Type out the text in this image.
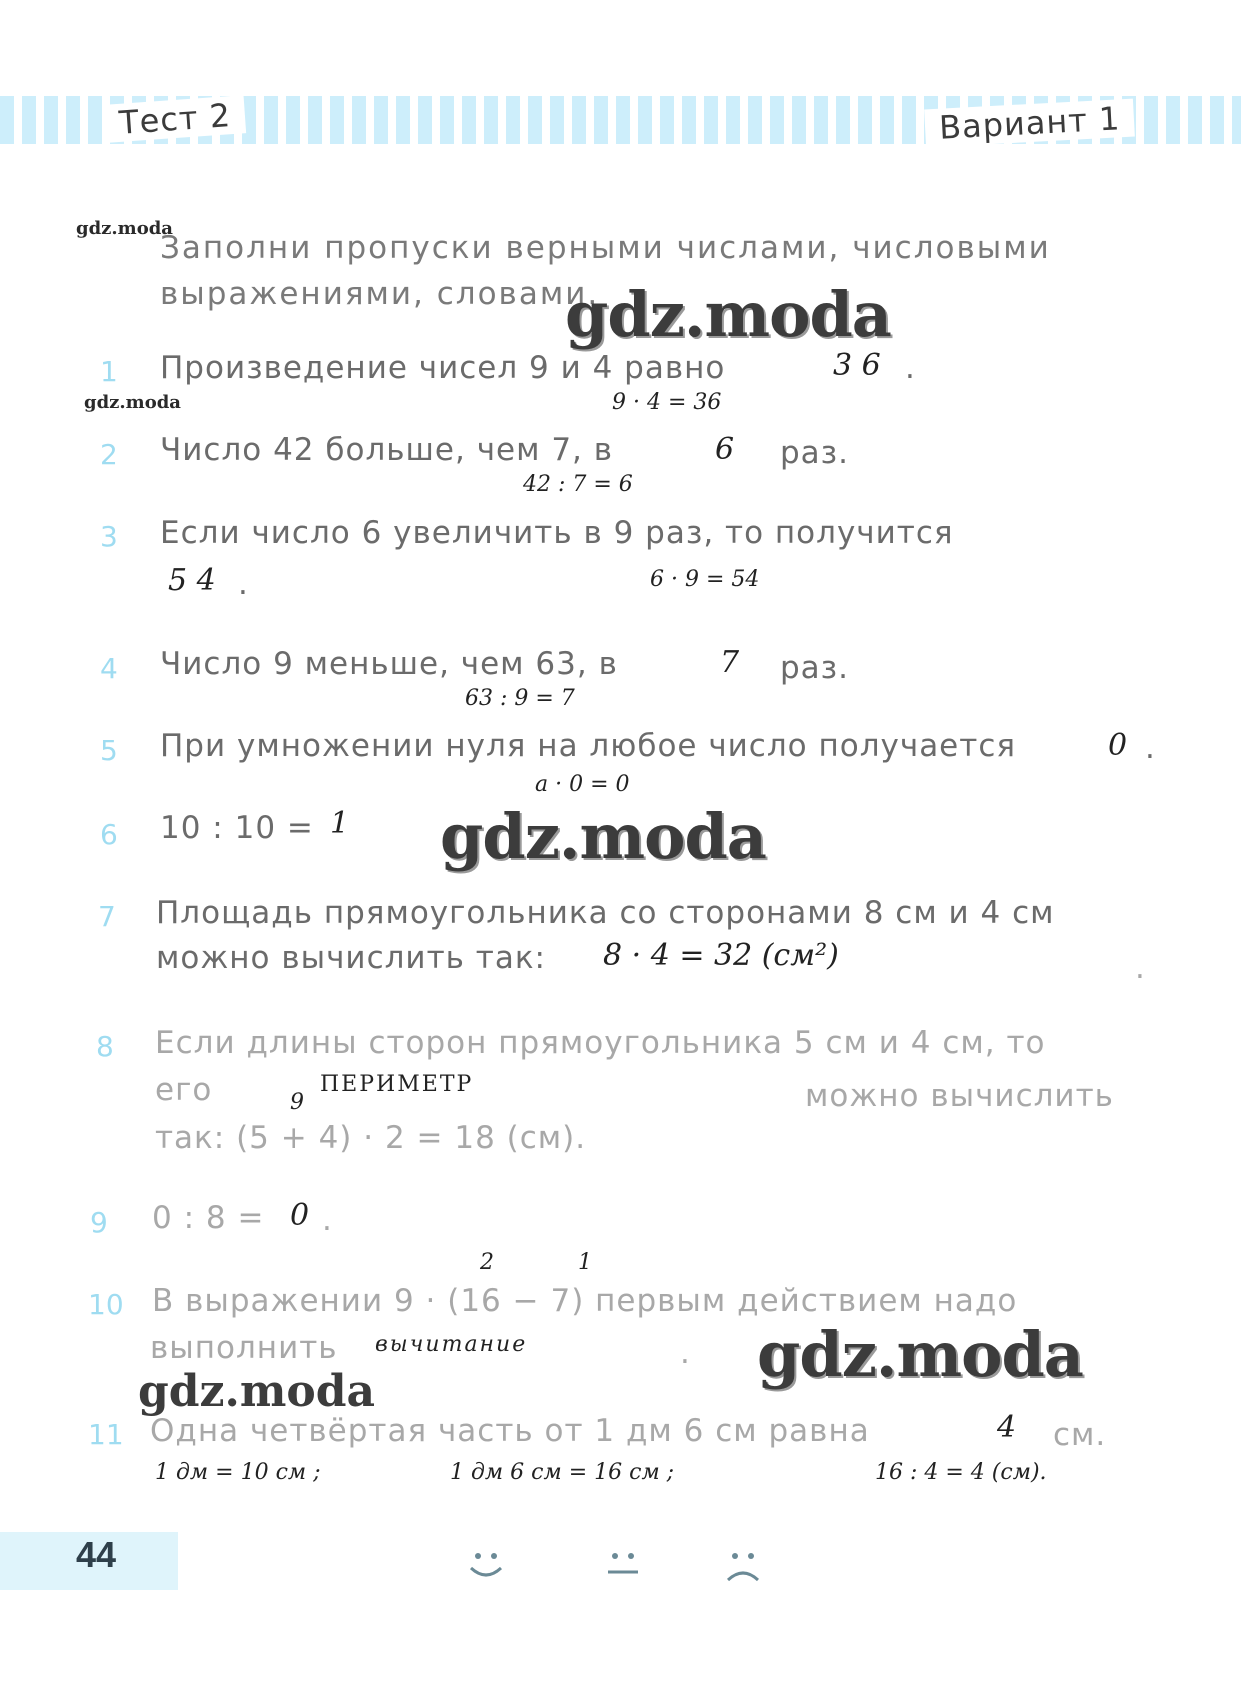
Тест 2	Вариант 1
gdz.moda
gdz.moda
Заполни пропуски верными числами, числовыми выражениями, словами.
gdz.moda
gdz.moda
gdz.moda
gdz.moda
1 Произведение чисел 9 и 4 равно	3 6 .
9 · 4 = 36
2 Число 42 больше, чем 7, в	6 раз.
42 : 7 = 6
3 Если число 6 увеличить в 9 раз, то получится
5 4 .	6 · 9 = 54
4 Число 9 меньше, чем 63, в	7 раз.
63 : 9 = 7
5 При умножении нуля на любое число получается	0 .
a · 0 = 0
6 10 : 10 = 1
7 Площадь прямоугольника со сторонами 8 см и 4 см
можно вычислить так: 8 · 4 = 32 (см²)	.
8 Если длины сторон прямоугольника 5 см и 4 см, то
его	9
ПЕРИМЕТР	можно вычислить
так: (5 + 4) · 2 = 18 (см).
9 0 : 8 = 0 .
2	1
10 В выражении 9 · (16 − 7) первым действием надо
выполнить вычитание	.
11 Одна четвёртая часть от 1 дм 6 см равна	4 см.
1 дм = 10 см ;	1 дм 6 см = 16 см ;	16 : 4 = 4 (см).
44
